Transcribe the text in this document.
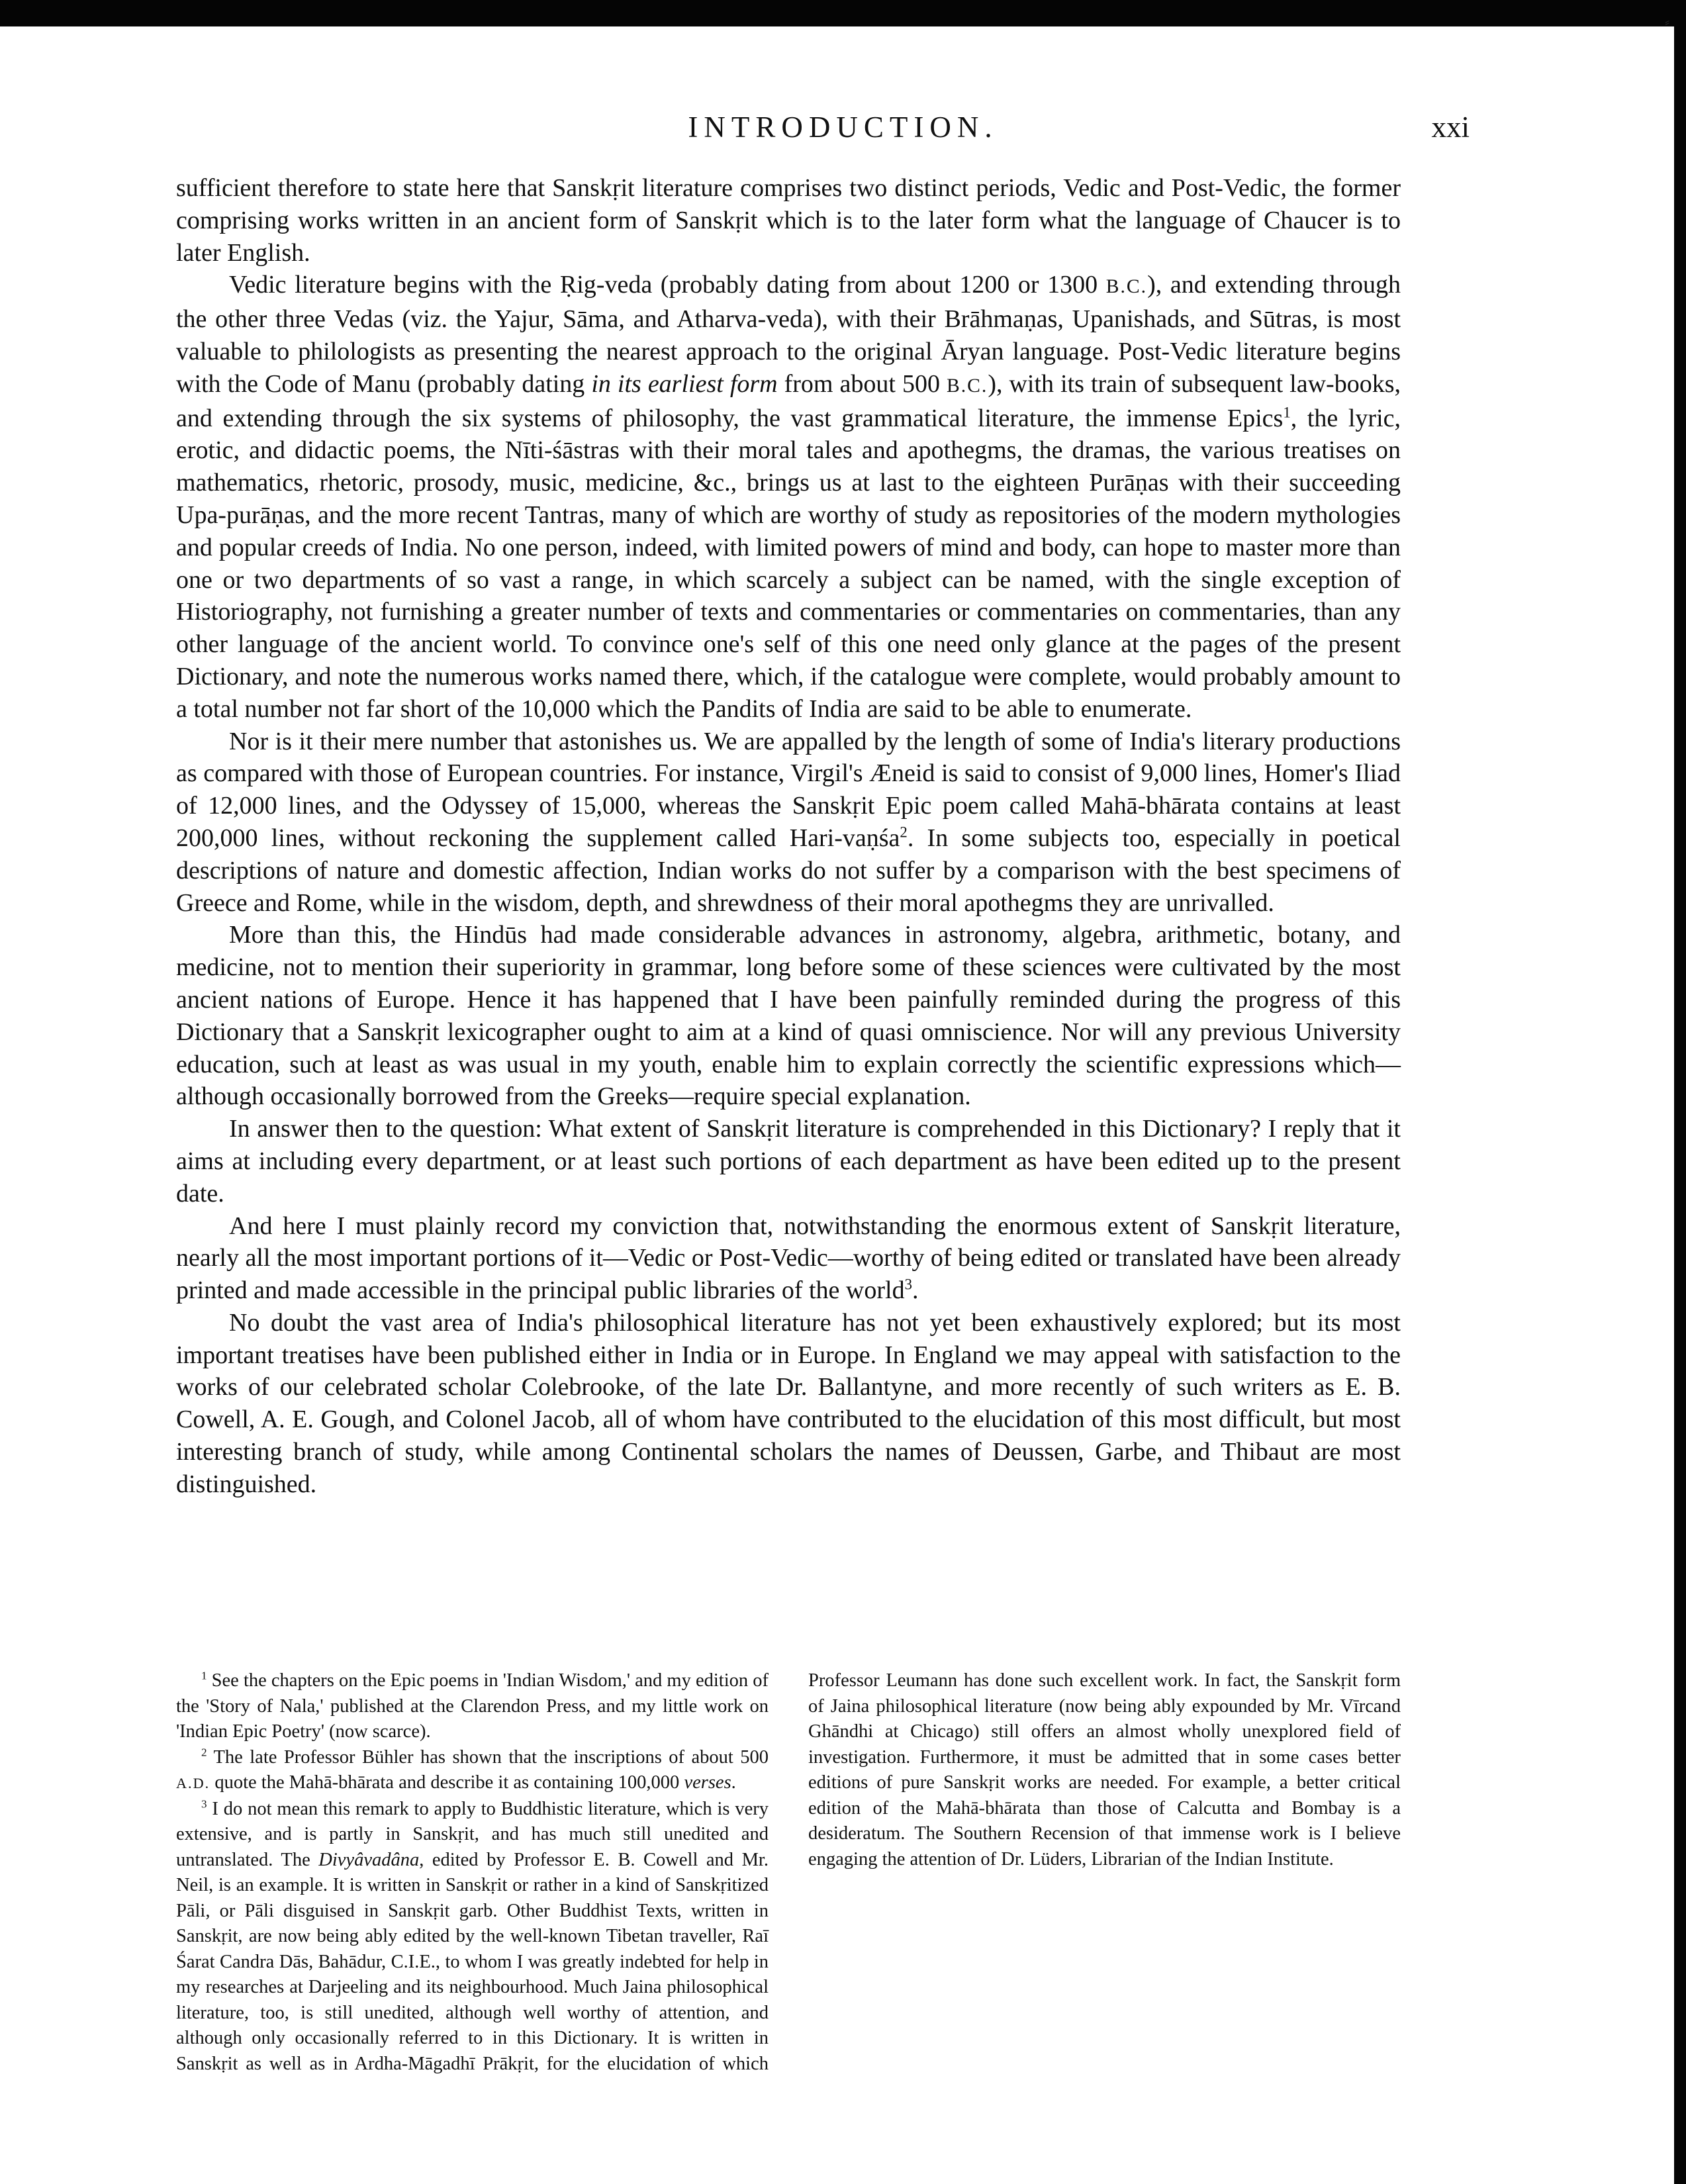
⸗
INTRODUCTION.	xxi

sufficient therefore to state here that Sanskṛit literature comprises two distinct periods, Vedic and Post-Vedic, the former comprising works written in an ancient form of Sanskṛit which is to the later form what the language of Chaucer is to later English.

Vedic literature begins with the Ṛig-veda (probably dating from about 1200 or 1300 B.C.), and extending through the other three Vedas (viz. the Yajur, Sāma, and Atharva-veda), with their Brāhmaṇas, Upanishads, and Sūtras, is most valuable to philologists as presenting the nearest approach to the original Āryan language. Post-Vedic literature begins with the Code of Manu (probably dating in its earliest form from about 500 B.C.), with its train of subsequent law-books, and extending through the six systems of philosophy, the vast grammatical literature, the immense Epics$^1$, the lyric, erotic, and didactic poems, the Nīti-śāstras with their moral tales and apothegms, the dramas, the various treatises on mathematics, rhetoric, prosody, music, medicine, &c., brings us at last to the eighteen Purāṇas with their succeeding Upa-purāṇas, and the more recent Tantras, many of which are worthy of study as repositories of the modern mythologies and popular creeds of India. No one person, indeed, with limited powers of mind and body, can hope to master more than one or two departments of so vast a range, in which scarcely a subject can be named, with the single exception of Historiography, not furnishing a greater number of texts and commentaries or commentaries on commentaries, than any other language of the ancient world. To convince one's self of this one need only glance at the pages of the present Dictionary, and note the numerous works named there, which, if the catalogue were complete, would probably amount to a total number not far short of the 10,000 which the Pandits of India are said to be able to enumerate.

Nor is it their mere number that astonishes us. We are appalled by the length of some of India's literary productions as compared with those of European countries. For instance, Virgil's Æneid is said to consist of 9,000 lines, Homer's Iliad of 12,000 lines, and the Odyssey of 15,000, whereas the Sanskṛit Epic poem called Mahā-bhārata contains at least 200,000 lines, without reckoning the supplement called Hari-vaṇśa$^2$. In some subjects too, especially in poetical descriptions of nature and domestic affection, Indian works do not suffer by a comparison with the best specimens of Greece and Rome, while in the wisdom, depth, and shrewdness of their moral apothegms they are unrivalled.

More than this, the Hindūs had made considerable advances in astronomy, algebra, arithmetic, botany, and medicine, not to mention their superiority in grammar, long before some of these sciences were cultivated by the most ancient nations of Europe. Hence it has happened that I have been painfully reminded during the progress of this Dictionary that a Sanskṛit lexicographer ought to aim at a kind of quasi omniscience. Nor will any previous University education, such at least as was usual in my youth, enable him to explain correctly the scientific expressions which—although occasionally borrowed from the Greeks—require special explanation.

In answer then to the question: What extent of Sanskṛit literature is comprehended in this Dictionary? I reply that it aims at including every department, or at least such portions of each department as have been edited up to the present date.

And here I must plainly record my conviction that, notwithstanding the enormous extent of Sanskṛit literature, nearly all the most important portions of it—Vedic or Post-Vedic—worthy of being edited or translated have been already printed and made accessible in the principal public libraries of the world$^3$.

No doubt the vast area of India's philosophical literature has not yet been exhaustively explored; but its most important treatises have been published either in India or in Europe. In England we may appeal with satisfaction to the works of our celebrated scholar Colebrooke, of the late Dr. Ballantyne, and more recently of such writers as E. B. Cowell, A. E. Gough, and Colonel Jacob, all of whom have contributed to the elucidation of this most difficult, but most interesting branch of study, while among Continental scholars the names of Deussen, Garbe, and Thibaut are most distinguished.

$^1$ See the chapters on the Epic poems in 'Indian Wisdom,' and my edition of the 'Story of Nala,' published at the Clarendon Press, and my little work on 'Indian Epic Poetry' (now scarce).

$^2$ The late Professor Bühler has shown that the inscriptions of about 500 A.D. quote the Mahā-bhārata and describe it as containing 100,000 verses.

$^3$ I do not mean this remark to apply to Buddhistic literature, which is very extensive, and is partly in Sanskṛit, and has much still unedited and untranslated. The Divyâvadâna, edited by Professor E. B. Cowell and Mr. Neil, is an example. It is written in Sanskṛit or rather in a kind of Sanskṛitized Pāli, or Pāli disguised in Sanskṛit garb. Other Buddhist Texts, written in Sanskṛit, are now being ably edited by the well-known Tibetan traveller, Raī Śarat Candra Dās, Bahādur, C.I.E., to whom I was greatly indebted for help in my researches at Darjeeling and its neighbourhood. Much Jaina philosophical literature, too, is still unedited, although well worthy of attention, and although only occasionally referred to in this Dictionary. It is written in Sanskṛit as well as in Ardha-Māgadhī Prākṛit, for the elucidation of which Professor Leumann has done such excellent work. In fact, the Sanskṛit form of Jaina philosophical literature (now being ably expounded by Mr. Vīrcand Ghāndhi at Chicago) still offers an almost wholly unexplored field of investigation. Furthermore, it must be admitted that in some cases better editions of pure Sanskṛit works are needed. For example, a better critical edition of the Mahā-bhārata than those of Calcutta and Bombay is a desideratum. The Southern Recension of that immense work is I believe engaging the attention of Dr. Lüders, Librarian of the Indian Institute.
